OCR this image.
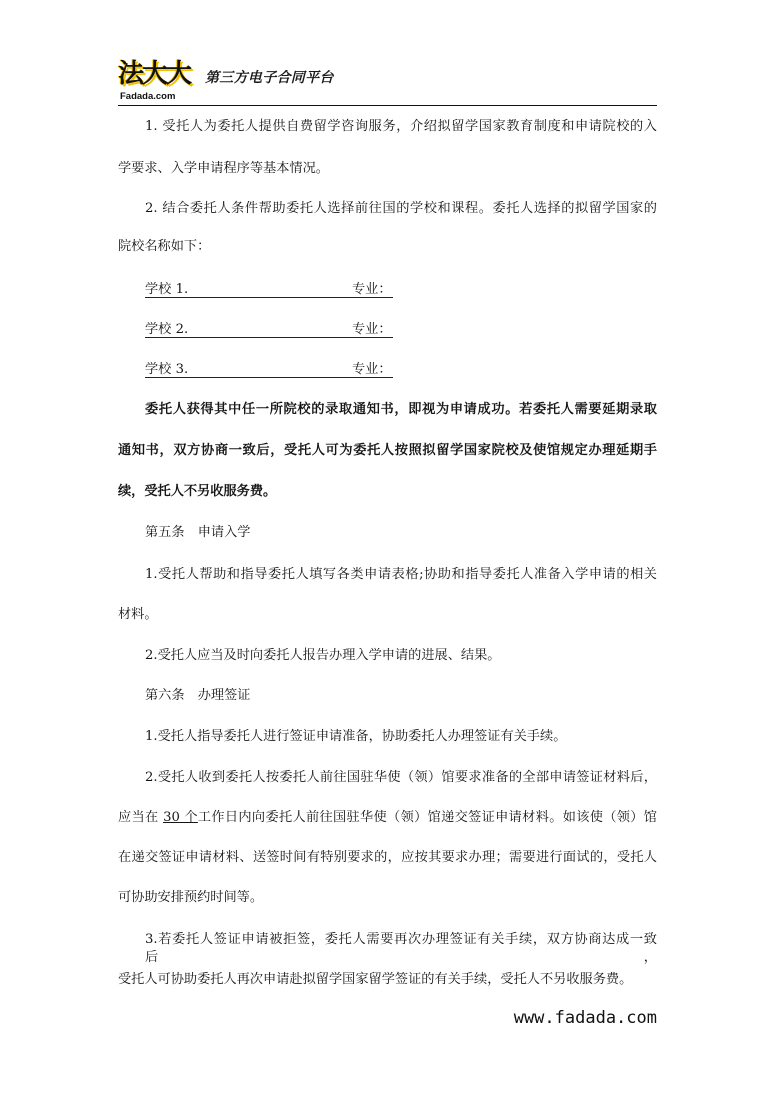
法大大
Fadada.com
第三方电子合同平台
1. 受托人为委托人提供自费留学咨询服务，介绍拟留学国家教育制度和申请院校的入
学要求、入学申请程序等基本情况。
2. 结合委托人条件帮助委托人选择前往国的学校和课程。委托人选择的拟留学国家的
院校名称如下：
学校 1.	专业：
学校 2.	专业：
学校 3.	专业：
委托人获得其中任一所院校的录取通知书，即视为申请成功。若委托人需要延期录取
通知书，双方协商一致后，受托人可为委托人按照拟留学国家院校及使馆规定办理延期手
续，受托人不另收服务费。
第五条　申请入学
1.受托人帮助和指导委托人填写各类申请表格;协助和指导委托人准备入学申请的相关
材料。
2.受托人应当及时向委托人报告办理入学申请的进展、结果。
第六条　办理签证
1.受托人指导委托人进行签证申请准备，协助委托人办理签证有关手续。
2.受托人收到委托人按委托人前往国驻华使（领）馆要求准备的全部申请签证材料后，
应当在 30 个工作日内向委托人前往国驻华使（领）馆递交签证申请材料。如该使（领）馆
在递交签证申请材料、送签时间有特别要求的，应按其要求办理；需要进行面试的，受托人
可协助安排预约时间等。
3.若委托人签证申请被拒签，委托人需要再次办理签证有关手续，双方协商达成一致后，
受托人可协助委托人再次申请赴拟留学国家留学签证的有关手续，受托人不另收服务费。
www.fadada.com
